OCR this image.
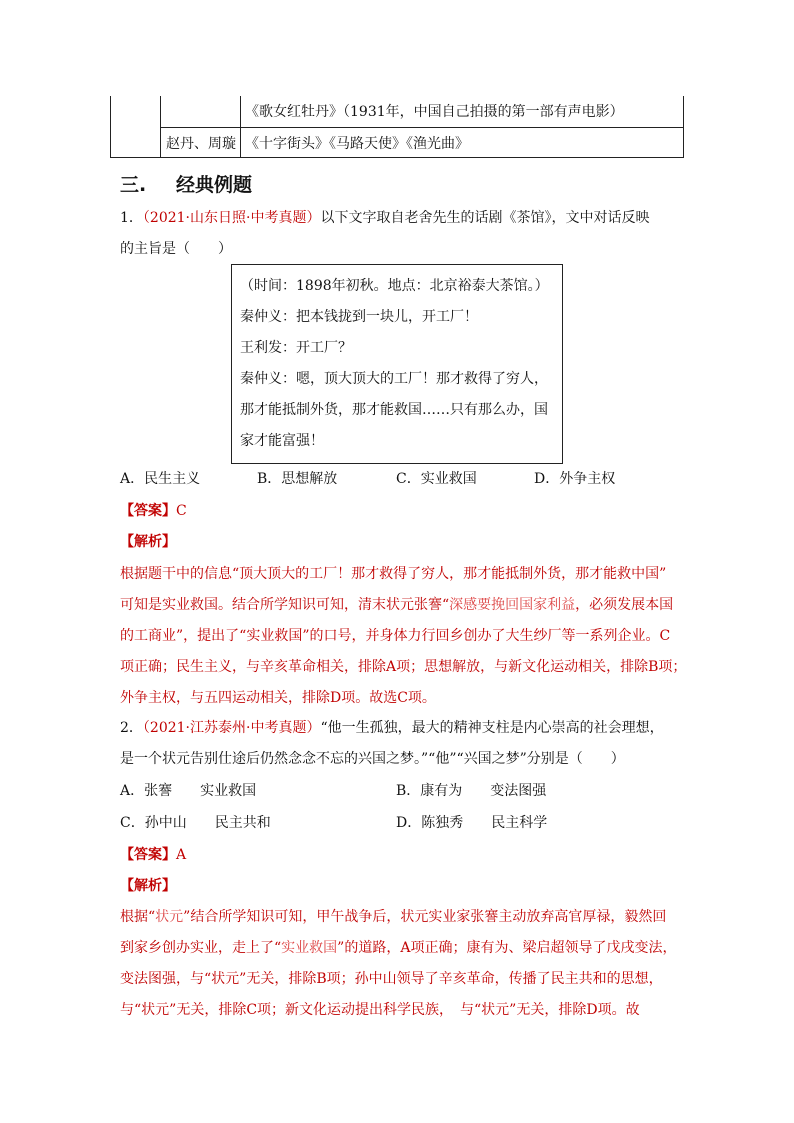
《歌女红牡丹》（1931年，中国自己拍摄的第一部有声电影）
赵丹、周璇 《十字街头》《马路天使》《渔光曲》
三. 经典例题
1．（2021·山东日照·中考真题）以下文字取自老舍先生的话剧《茶馆》，文中对话反映
的主旨是（　　）
（时间：1898年初秋。地点：北京裕泰大茶馆。）
秦仲义：把本钱拢到一块儿，开工厂！
王利发：开工厂？
秦仲义：嗯，顶大顶大的工厂！那才救得了穷人，
那才能抵制外货，那才能救国……只有那么办，国
家才能富强！
A．民生主义	B．思想解放	C．实业救国	D．外争主权
【答案】C
【解析】
根据题干中的信息“顶大顶大的工厂！那才救得了穷人，那才能抵制外货，那才能救中国”
可知是实业救国。结合所学知识可知，清末状元张謇“深感要挽回国家利益，必须发展本国
的工商业”，提出了“实业救国”的口号，并身体力行回乡创办了大生纱厂等一系列企业。C
项正确；民生主义，与辛亥革命相关，排除A项；思想解放，与新文化运动相关，排除B项；
外争主权，与五四运动相关，排除D项。故选C项。
2．（2021·江苏泰州·中考真题）“他一生孤独，最大的精神支柱是内心崇高的社会理想，
是一个状元告别仕途后仍然念念不忘的兴国之梦。”“他”“兴国之梦”分别是（　　）
A．张謇　　实业救国	B．康有为　　变法图强
C．孙中山　　民主共和	D．陈独秀　　民主科学
【答案】A
【解析】
根据“状元”结合所学知识可知，甲午战争后，状元实业家张謇主动放弃高官厚禄，毅然回
到家乡创办实业，走上了“实业救国”的道路，A项正确；康有为、梁启超领导了戊戌变法，
变法图强，与“状元”无关，排除B项；孙中山领导了辛亥革命，传播了民主共和的思想，
与“状元”无关，排除C项；新文化运动提出科学民族，　与“状元”无关，排除D项。故
